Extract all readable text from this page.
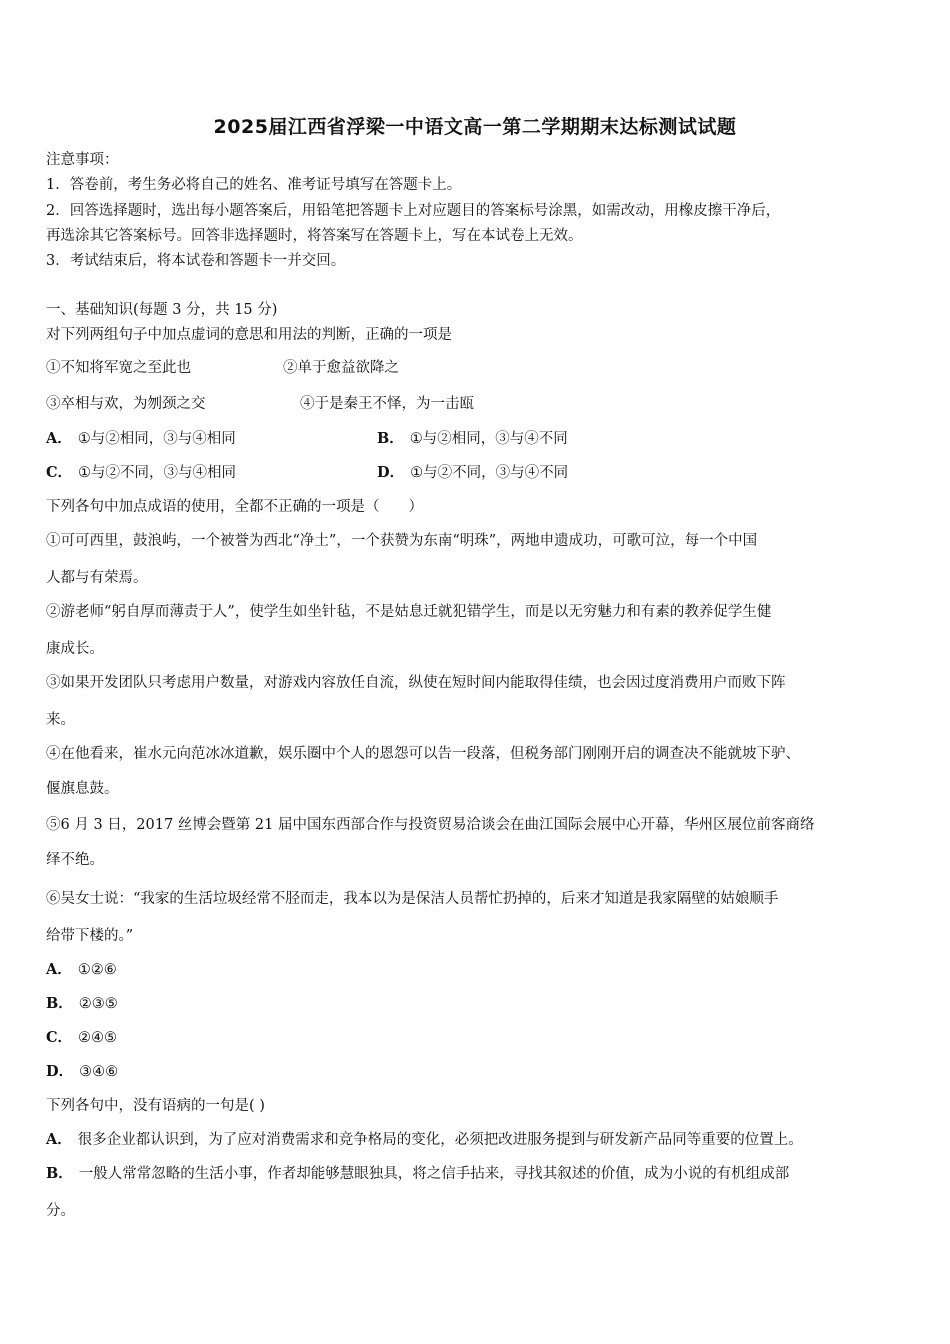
2025届江西省浮梁一中语文高一第二学期期末达标测试试题
注意事项：
1．答卷前，考生务必将自己的姓名、准考证号填写在答题卡上。
2．回答选择题时，选出每小题答案后，用铅笔把答题卡上对应题目的答案标号涂黑，如需改动，用橡皮擦干净后，
再选涂其它答案标号。回答非选择题时，将答案写在答题卡上，写在本试卷上无效。
3．考试结束后，将本试卷和答题卡一并交回。
一、基础知识(每题 3 分，共 15 分)
对下列两组句子中加点虚词的意思和用法的判断，正确的一项是
①不知将军宽之至此也	②单于愈益欲降之
③卒相与欢，为刎颈之交	④于是秦王不怿，为一击瓯
A． ①与②相同，③与④相同	B． ①与②相同，③与④不同
C． ①与②不同，③与④相同	D． ①与②不同，③与④不同
下列各句中加点成语的使用，全都不正确的一项是（　　）
①可可西里，鼓浪屿，一个被誉为西北“净土”，一个获赞为东南“明珠”，两地申遗成功，可歌可泣，每一个中国
人都与有荣焉。
②游老师“躬自厚而薄责于人”，使学生如坐针毡，不是姑息迁就犯错学生，而是以无穷魅力和有素的教养促学生健
康成长。
③如果开发团队只考虑用户数量，对游戏内容放任自流，纵使在短时间内能取得佳绩，也会因过度消费用户而败下阵
来。
④在他看来，崔水元向范冰冰道歉，娱乐圈中个人的恩怨可以告一段落，但税务部门刚刚开启的调查决不能就坡下驴、
偃旗息鼓。
⑤6 月 3 日，2017 丝博会暨第 21 届中国东西部合作与投资贸易洽谈会在曲江国际会展中心开幕，华州区展位前客商络
绎不绝。
⑥吴女士说：“我家的生活垃圾经常不胫而走，我本以为是保洁人员帮忙扔掉的，后来才知道是我家隔壁的姑娘顺手
给带下楼的。”
A． ①②⑥
B． ②③⑤
C． ②④⑤
D． ③④⑥
下列各句中，没有语病的一句是( )
A． 很多企业都认识到，为了应对消费需求和竞争格局的变化，必须把改进服务提到与研发新产品同等重要的位置上。
B． 一般人常常忽略的生活小事，作者却能够慧眼独具，将之信手拈来，寻找其叙述的价值，成为小说的有机组成部
分。
